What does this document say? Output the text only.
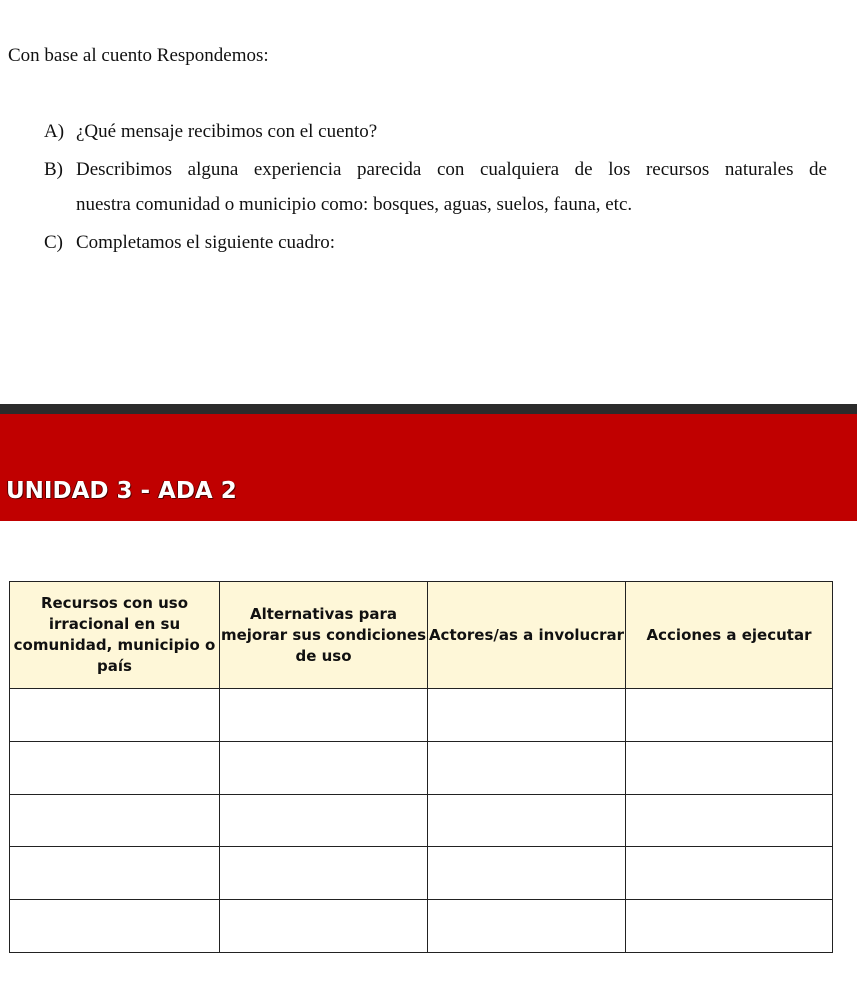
Con base al cuento Respondemos:
A) ¿Qué mensaje recibimos con el cuento?
B) Describimos alguna experiencia parecida con cualquiera de los recursos naturales de
nuestra comunidad o municipio como: bosques, aguas, suelos, fauna, etc.
C) Completamos el siguiente cuadro:
UNIDAD 3 - ADA 2
Recursos con uso irracional en su comunidad, municipio o país	Alternativas para mejorar sus condiciones de uso	Actores/as a involucrar	Acciones a ejecutar
